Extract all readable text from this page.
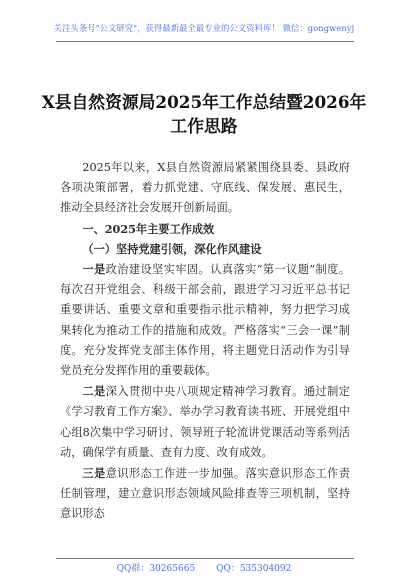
关注头条号"公文研究"，获得最新最全最专业的公文资料库！ 微信：gongwenyj
X县自然资源局2025年工作总结暨2026年工作思路

2025年以来，X县自然资源局紧紧围绕县委、县政府各项决策部署，着力抓党建、守底线、保发展、惠民生，推动全县经济社会发展开创新局面。

一、2025年主要工作成效

（一）坚持党建引领，深化作风建设

一是政治建设坚实牢固。认真落实“第一议题”制度。每次召开党组会、科级干部会前，跟进学习习近平总书记重要讲话、重要文章和重要指示批示精神，努力把学习成果转化为推动工作的措施和成效。严格落实“三会一课”制度。充分发挥党支部主体作用，将主题党日活动作为引导党员充分发挥作用的重要载体。

二是深入贯彻中央八项规定精神学习教育。通过制定《学习教育工作方案》、举办学习教育读书班、开展党组中心组8次集中学习研讨、领导班子轮流讲党课活动等系列活动，确保学有质量、查有力度、改有成效。

三是意识形态工作进一步加强。落实意识形态工作责任制管理，建立意识形态领域风险排查等三项机制，坚持意识形态

QQ群：30265665 QQ：535304092
